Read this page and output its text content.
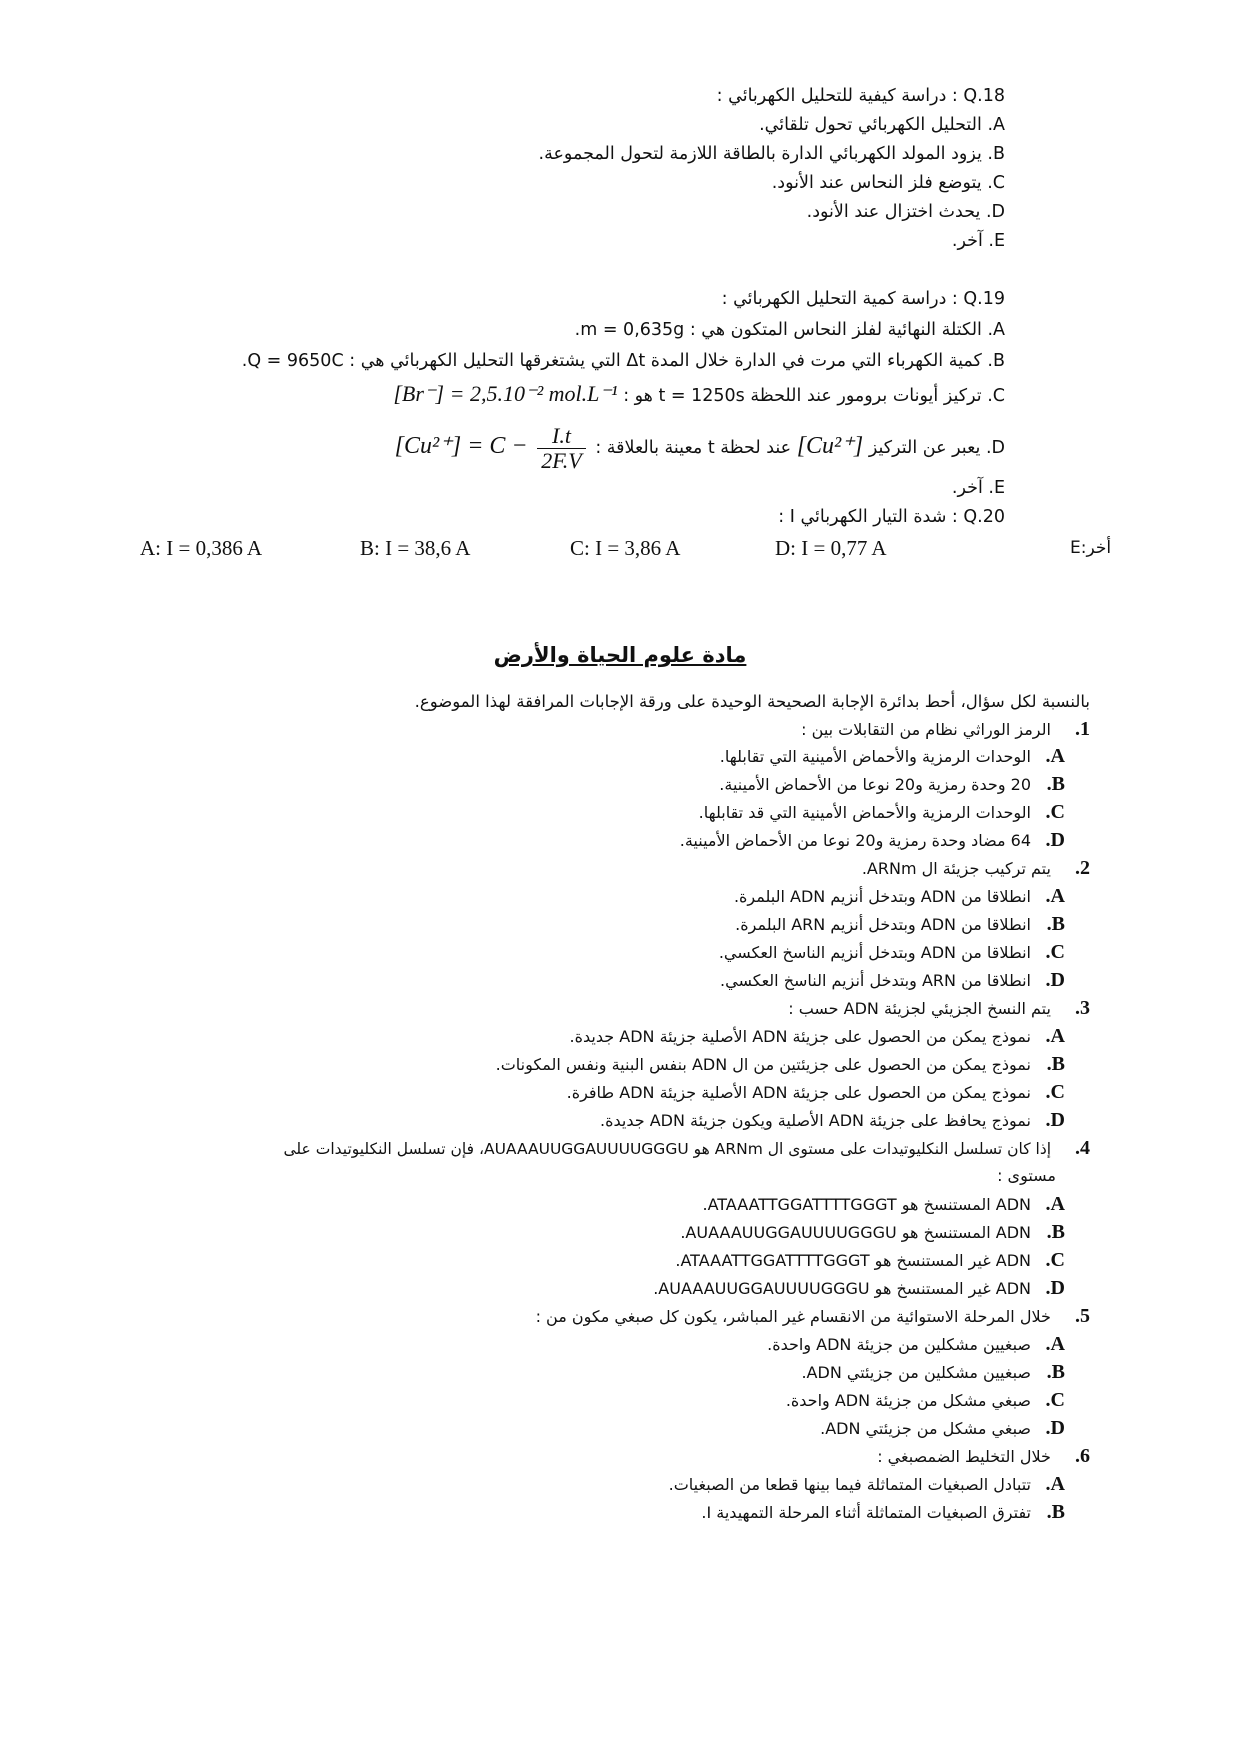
Q.18 : دراسة كيفية للتحليل الكهربائي :
A. التحليل الكهربائي تحول تلقائي.
B. يزود المولد الكهربائي الدارة بالطاقة اللازمة لتحول المجموعة.
C. يتوضع فلز النحاس عند الأنود.
D. يحدث اختزال عند الأنود.
E. آخر.
Q.19 : دراسة كمية التحليل الكهربائي :
A. الكتلة النهائية لفلز النحاس المتكون هي : m = 0,635g.
B. كمية الكهرباء التي مرت في الدارة خلال المدة Δt التي يشتغرقها التحليل الكهربائي هي : Q = 9650C.
C. تركيز أيونات برومور عند اللحظة t = 1250s هو : [Br⁻] = 2,5.10⁻² mol.L⁻¹
D. يعبر عن التركيز [Cu²⁺] عند لحظة t معينة بالعلاقة : $[Cu^{2+}] = C - \frac{I.t}{2F.V}$
E. آخر.
Q.20 : شدة التيار الكهربائي I :
A: I = 0,386 A	B: I = 38,6 A	C: I = 3,86 A	D: I = 0,77 A	أخر:E
مادة علوم الحياة والأرض
بالنسبة لكل سؤال، أحط بدائرة الإجابة الصحيحة الوحيدة على ورقة الإجابات المرافقة لهذا الموضوع.
1. الرمز الوراثي نظام من التقابلات بين :
A.الوحدات الرمزية والأحماض الأمينية التي تقابلها.
B.20 وحدة رمزية و20 نوعا من الأحماض الأمينية.
C.الوحدات الرمزية والأحماض الأمينية التي قد تقابلها.
D.64 مضاد وحدة رمزية و20 نوعا من الأحماض الأمينية.
2. يتم تركيب جزيئة ال ARNm.
A.انطلاقا من ADN وبتدخل أنزيم ADN البلمرة.
B.انطلاقا من ADN وبتدخل أنزيم ARN البلمرة.
C.انطلاقا من ADN وبتدخل أنزيم الناسخ العكسي.
D.انطلاقا من ARN وبتدخل أنزيم الناسخ العكسي.
3. يتم النسخ الجزيئي لجزيئة ADN حسب :
A.نموذج يمكن من الحصول على جزيئة ADN الأصلية جزيئة ADN جديدة.
B.نموذج يمكن من الحصول على جزيئتين من ال ADN بنفس البنية ونفس المكونات.
C.نموذج يمكن من الحصول على جزيئة ADN الأصلية جزيئة ADN طافرة.
D.نموذج يحافظ على جزيئة ADN الأصلية ويكون جزيئة ADN جديدة.
4. إذا كان تسلسل النكليوتيدات على مستوى ال ARNm هو AUAAAUUGGAUUUUGGGU، فإن تسلسل النكليوتيدات على
مستوى :
A.ADN المستنسخ هو ATAAATTGGATTTTGGGT.
B.ADN المستنسخ هو AUAAAUUGGAUUUUGGGU.
C.ADN غير المستنسخ هو ATAAATTGGATTTTGGGT.
D.ADN غير المستنسخ هو AUAAAUUGGAUUUUGGGU.
5. خلال المرحلة الاستوائية من الانقسام غير المباشر، يكون كل صبغي مكون من :
A.صبغيين مشكلين من جزيئة ADN واحدة.
B.صبغيين مشكلين من جزيئتي ADN.
C.صبغي مشكل من جزيئة ADN واحدة.
D.صبغي مشكل من جزيئتي ADN.
6. خلال التخليط الضمصبغي :
A.تتبادل الصبغيات المتماثلة فيما بينها قطعا من الصبغيات.
B.تفترق الصبغيات المتماثلة أثناء المرحلة التمهيدية I.
